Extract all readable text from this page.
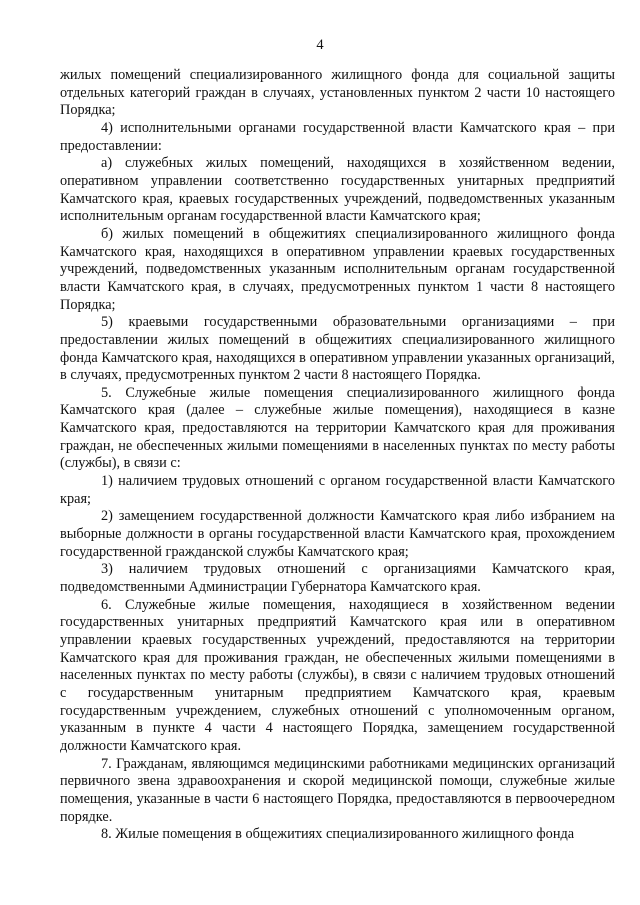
4

жилых помещений специализированного жилищного фонда для социальной защиты отдельных категорий граждан в случаях, установленных пунктом 2 части 10 настоящего Порядка;

4) исполнительными органами государственной власти Камчатского края – при предоставлении:

а) служебных жилых помещений, находящихся в хозяйственном ведении, оперативном управлении соответственно государственных унитарных предприятий Камчатского края, краевых государственных учреждений, подведомственных указанным исполнительным органам государственной власти Камчатского края;

б) жилых помещений в общежитиях специализированного жилищного фонда Камчатского края, находящихся в оперативном управлении краевых государственных учреждений, подведомственных указанным исполнительным органам государственной власти Камчатского края, в случаях, предусмотренных пунктом 1 части 8 настоящего Порядка;

5) краевыми государственными образовательными организациями – при предоставлении жилых помещений в общежитиях специализированного жилищного фонда Камчатского края, находящихся в оперативном управлении указанных организаций, в случаях, предусмотренных пунктом 2 части 8 настоящего Порядка.

5. Служебные жилые помещения специализированного жилищного фонда Камчатского края (далее – служебные жилые помещения), находящиеся в казне Камчатского края, предоставляются на территории Камчатского края для проживания граждан, не обеспеченных жилыми помещениями в населенных пунктах по месту работы (службы), в связи с:

1) наличием трудовых отношений с органом государственной власти Камчатского края;

2) замещением государственной должности Камчатского края либо избранием на выборные должности в органы государственной власти Камчатского края, прохождением государственной гражданской службы Камчатского края;

3) наличием трудовых отношений с организациями Камчатского края, подведомственными Администрации Губернатора Камчатского края.

6. Служебные жилые помещения, находящиеся в хозяйственном ведении государственных унитарных предприятий Камчатского края или в оперативном управлении краевых государственных учреждений, предоставляются на территории Камчатского края для проживания граждан, не обеспеченных жилыми помещениями в населенных пунктах по месту работы (службы), в связи с наличием трудовых отношений с государственным унитарным предприятием Камчатского края, краевым государственным учреждением, служебных отношений с уполномоченным органом, указанным в пункте 4 части 4 настоящего Порядка, замещением государственной должности Камчатского края.

7. Гражданам, являющимся медицинскими работниками медицинских организаций первичного звена здравоохранения и скорой медицинской помощи, служебные жилые помещения, указанные в части 6 настоящего Порядка, предоставляются в первоочередном порядке.

8. Жилые помещения в общежитиях специализированного жилищного фонда
